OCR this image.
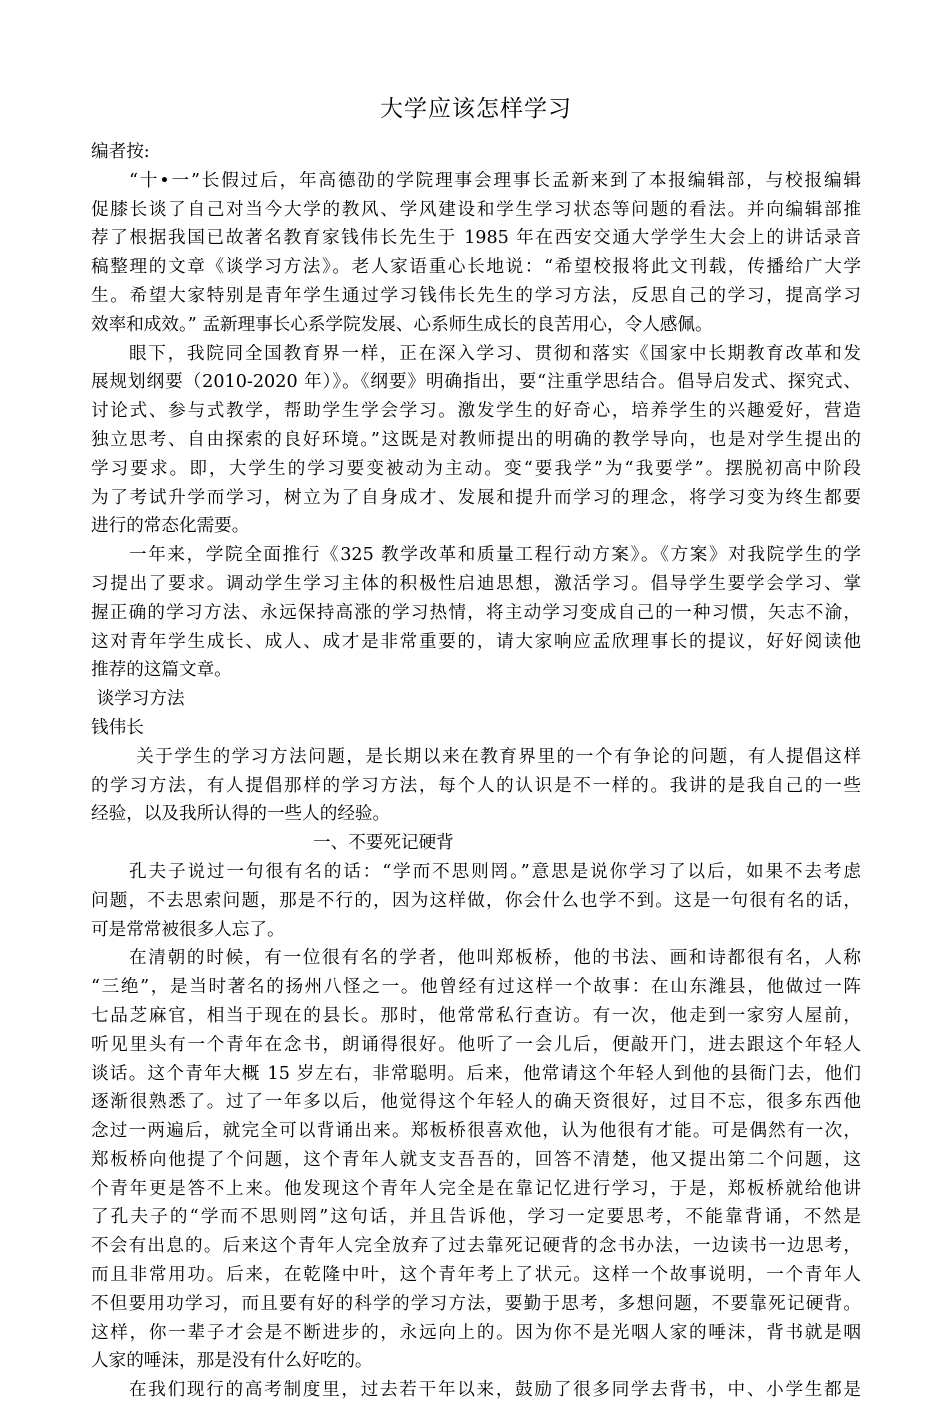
大学应该怎样学习

编者按:

“十•一”长假过后，年高德劭的学院理事会理事长孟新来到了本报编辑部，与校报编辑

促膝长谈了自己对当今大学的教风、学风建设和学生学习状态等问题的看法。并向编辑部推

荐了根据我国已故著名教育家钱伟长先生于 1985 年在西安交通大学学生大会上的讲话录音

稿整理的文章《谈学习方法》。老人家语重心长地说：“希望校报将此文刊载，传播给广大学

生。希望大家特别是青年学生通过学习钱伟长先生的学习方法，反思自己的学习，提高学习

效率和成效。” 孟新理事长心系学院发展、心系师生成长的良苦用心，令人感佩。

眼下，我院同全国教育界一样，正在深入学习、贯彻和落实《国家中长期教育改革和发

展规划纲要（2010-2020 年）》。《纲要》明确指出，要“注重学思结合。倡导启发式、探究式、

讨论式、参与式教学，帮助学生学会学习。激发学生的好奇心，培养学生的兴趣爱好，营造

独立思考、自由探索的良好环境。”这既是对教师提出的明确的教学导向，也是对学生提出的

学习要求。即，大学生的学习要变被动为主动。变“要我学”为“我要学”。摆脱初高中阶段

为了考试升学而学习，树立为了自身成才、发展和提升而学习的理念，将学习变为终生都要

进行的常态化需要。

一年来，学院全面推行《325 教学改革和质量工程行动方案》。《方案》对我院学生的学

习提出了要求。调动学生学习主体的积极性启迪思想，激活学习。倡导学生要学会学习、掌

握正确的学习方法、永远保持高涨的学习热情，将主动学习变成自己的一种习惯，矢志不渝，

这对青年学生成长、成人、成才是非常重要的，请大家响应孟欣理事长的提议，好好阅读他

推荐的这篇文章。

谈学习方法

钱伟长

关于学生的学习方法问题，是长期以来在教育界里的一个有争论的问题，有人提倡这样

的学习方法，有人提倡那样的学习方法，每个人的认识是不一样的。我讲的是我自己的一些

经验，以及我所认得的一些人的经验。

一、不要死记硬背

孔夫子说过一句很有名的话：“学而不思则罔。”意思是说你学习了以后，如果不去考虑

问题，不去思索问题，那是不行的，因为这样做，你会什么也学不到。这是一句很有名的话，

可是常常被很多人忘了。

在清朝的时候，有一位很有名的学者，他叫郑板桥，他的书法、画和诗都很有名，人称

“三绝”，是当时著名的扬州八怪之一。他曾经有过这样一个故事：在山东潍县，他做过一阵

七品芝麻官，相当于现在的县长。那时，他常常私行查访。有一次，他走到一家穷人屋前，

听见里头有一个青年在念书，朗诵得很好。他听了一会儿后，便敲开门，进去跟这个年轻人

谈话。这个青年大概 15 岁左右，非常聪明。后来，他常请这个年轻人到他的县衙门去，他们

逐渐很熟悉了。过了一年多以后，他觉得这个年轻人的确天资很好，过目不忘，很多东西他

念过一两遍后，就完全可以背诵出来。郑板桥很喜欢他，认为他很有才能。可是偶然有一次，

郑板桥向他提了个问题，这个青年人就支支吾吾的，回答不清楚，他又提出第二个问题，这

个青年更是答不上来。他发现这个青年人完全是在靠记忆进行学习，于是，郑板桥就给他讲

了孔夫子的“学而不思则罔”这句话，并且告诉他，学习一定要思考，不能靠背诵，不然是

不会有出息的。后来这个青年人完全放弃了过去靠死记硬背的念书办法，一边读书一边思考，

而且非常用功。后来，在乾隆中叶，这个青年考上了状元。这样一个故事说明，一个青年人

不但要用功学习，而且要有好的科学的学习方法，要勤于思考，多想问题，不要靠死记硬背。

这样，你一辈子才会是不断进步的，永远向上的。因为你不是光咽人家的唾沫，背书就是咽

人家的唾沫，那是没有什么好吃的。

在我们现行的高考制度里，过去若干年以来，鼓励了很多同学去背书，中、小学生都是
